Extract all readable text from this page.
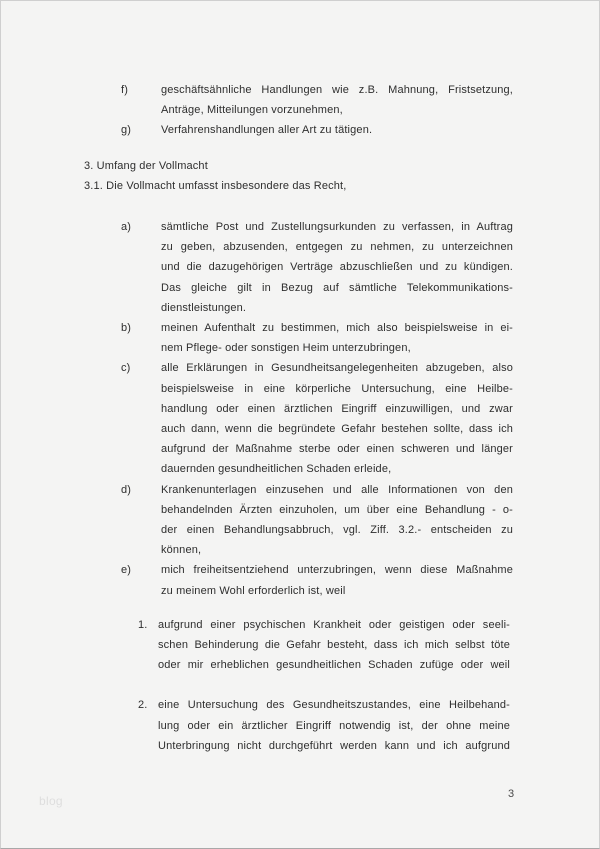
f)	geschäftsähnliche Handlungen wie z.B. Mahnung, Fristsetzung,
Anträge, Mitteilungen vorzunehmen,
g)	Verfahrenshandlungen aller Art zu tätigen.
3. Umfang der Vollmacht
3.1. Die Vollmacht umfasst insbesondere das Recht,
a)	sämtliche Post und Zustellungsurkunden zu verfassen, in Auftrag
zu geben, abzusenden, entgegen zu nehmen, zu unterzeichnen
und die dazugehörigen Verträge abzuschließen und zu kündigen.
Das gleiche gilt in Bezug auf sämtliche Telekommunikations-
dienstleistungen.
b)	meinen Aufenthalt zu bestimmen, mich also beispielsweise in ei-
nem Pflege- oder sonstigen Heim unterzubringen,
c)	alle Erklärungen in Gesundheitsangelegenheiten abzugeben, also
beispielsweise in eine körperliche Untersuchung, eine Heilbe-
handlung oder einen ärztlichen Eingriff einzuwilligen, und zwar
auch dann, wenn die begründete Gefahr bestehen sollte, dass ich
aufgrund der Maßnahme sterbe oder einen schweren und länger
dauernden gesundheitlichen Schaden erleide,
d)	Krankenunterlagen einzusehen und alle Informationen von den
behandelnden Ärzten einzuholen, um über eine Behandlung - o-
der einen Behandlungsabbruch, vgl. Ziff. 3.2.- entscheiden zu
können,
e)	mich freiheitsentziehend unterzubringen, wenn diese Maßnahme
zu meinem Wohl erforderlich ist, weil
1. aufgrund einer psychischen Krankheit oder geistigen oder seeli-
schen Behinderung die Gefahr besteht, dass ich mich selbst töte
oder mir erheblichen gesundheitlichen Schaden zufüge oder weil
2. eine Untersuchung des Gesundheitszustandes, eine Heilbehand-
lung oder ein ärztlicher Eingriff notwendig ist, der ohne meine
Unterbringung nicht durchgeführt werden kann und ich aufgrund
blog	3
